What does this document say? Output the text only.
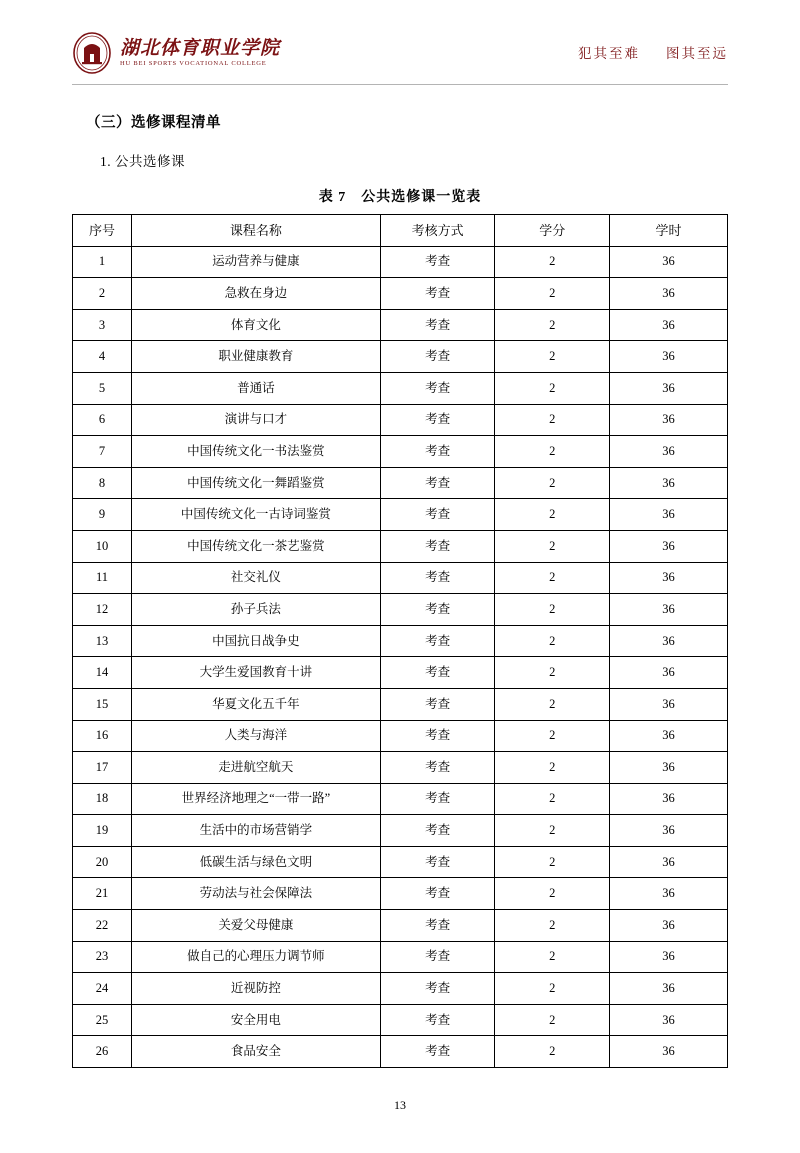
湖北体育职业学院
HU BEI SPORTS VOCATIONAL COLLEGE
犯其至难 图其至远
（三）选修课程清单
1. 公共选修课
表 7　公共选修课一览表
序号	课程名称	考核方式	学分	学时
1	运动营养与健康	考查	2	36
2	急救在身边	考查	2	36
3	体育文化	考查	2	36
4	职业健康教育	考查	2	36
5	普通话	考查	2	36
6	演讲与口才	考查	2	36
7	中国传统文化一书法鉴赏	考查	2	36
8	中国传统文化一舞蹈鉴赏	考查	2	36
9	中国传统文化一古诗词鉴赏	考查	2	36
10	中国传统文化一茶艺鉴赏	考查	2	36
11	社交礼仪	考查	2	36
12	孙子兵法	考查	2	36
13	中国抗日战争史	考查	2	36
14	大学生爱国教育十讲	考查	2	36
15	华夏文化五千年	考查	2	36
16	人类与海洋	考查	2	36
17	走进航空航天	考查	2	36
18	世界经济地理之“一带一路”	考查	2	36
19	生活中的市场营销学	考查	2	36
20	低碳生活与绿色文明	考查	2	36
21	劳动法与社会保障法	考查	2	36
22	关爱父母健康	考查	2	36
23	做自己的心理压力调节师	考查	2	36
24	近视防控	考查	2	36
25	安全用电	考查	2	36
26	食品安全	考查	2	36
13
